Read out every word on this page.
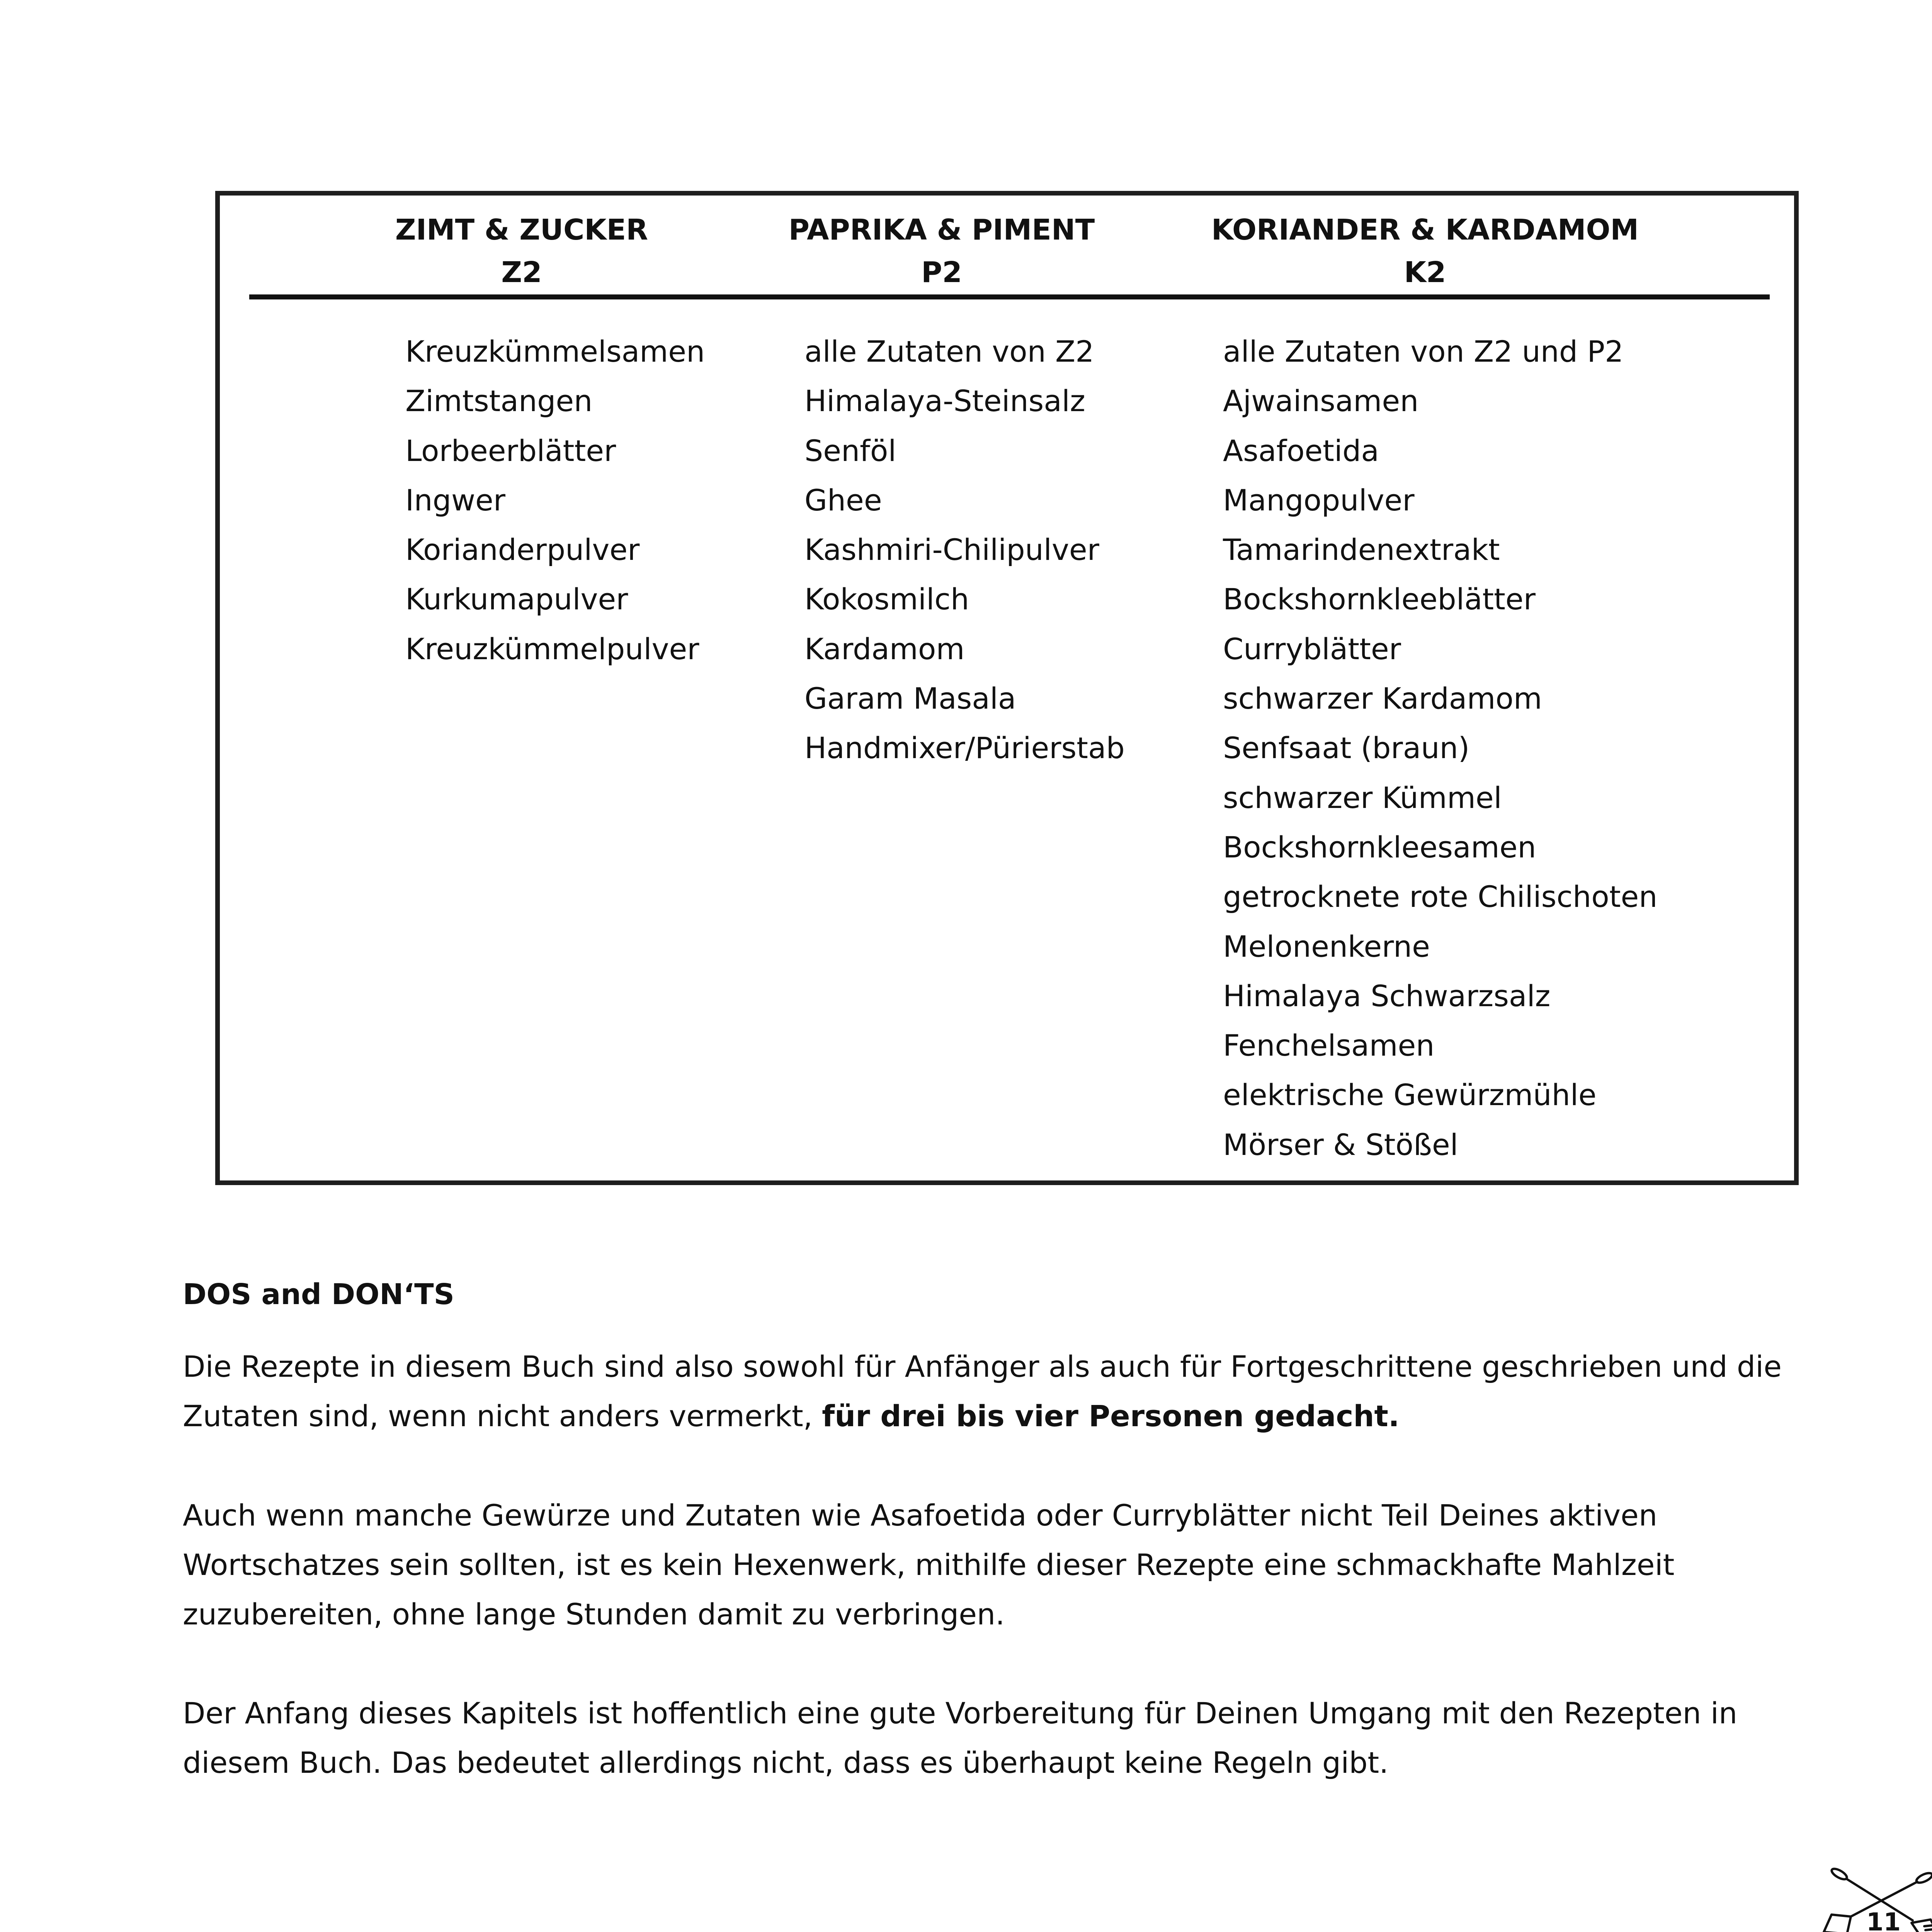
ZIMT & ZUCKER
Z2
PAPRIKA & PIMENT
P2
KORIANDER & KARDAMOM
K2
Kreuzkümmelsamen
Zimtstangen
Lorbeerblätter
Ingwer
Korianderpulver
Kurkumapulver
Kreuzkümmelpulver
alle Zutaten von Z2
Himalaya-Steinsalz
Senföl
Ghee
Kashmiri-Chilipulver
Kokosmilch
Kardamom
Garam Masala
Handmixer/Pürierstab
alle Zutaten von Z2 und P2
Ajwainsamen
Asafoetida
Mangopulver
Tamarindenextrakt
Bockshornkleeblätter
Curryblätter
schwarzer Kardamom
Senfsaat (braun)
schwarzer Kümmel
Bockshornkleesamen
getrocknete rote Chilischoten
Melonenkerne
Himalaya Schwarzsalz
Fenchelsamen
elektrische Gewürzmühle
Mörser & Stößel
DOS and DON‘TS

Die Rezepte in diesem Buch sind also sowohl für Anfänger als auch für Fortgeschrittene geschrieben und die Zutaten sind, wenn nicht anders vermerkt, für drei bis vier Personen gedacht.

Auch wenn manche Gewürze und Zutaten wie Asafoetida oder Curryblätter nicht Teil Deines aktiven Wortschatzes sein sollten, ist es kein Hexenwerk, mithilfe dieser Rezepte eine schmackhafte Mahlzeit zuzubereiten, ohne lange Stunden damit zu verbringen.

Der Anfang dieses Kapitels ist hoffentlich eine gute Vorbereitung für Deinen Umgang mit den Rezepten in diesem Buch. Das bedeutet allerdings nicht, dass es überhaupt keine Regeln gibt.

11
